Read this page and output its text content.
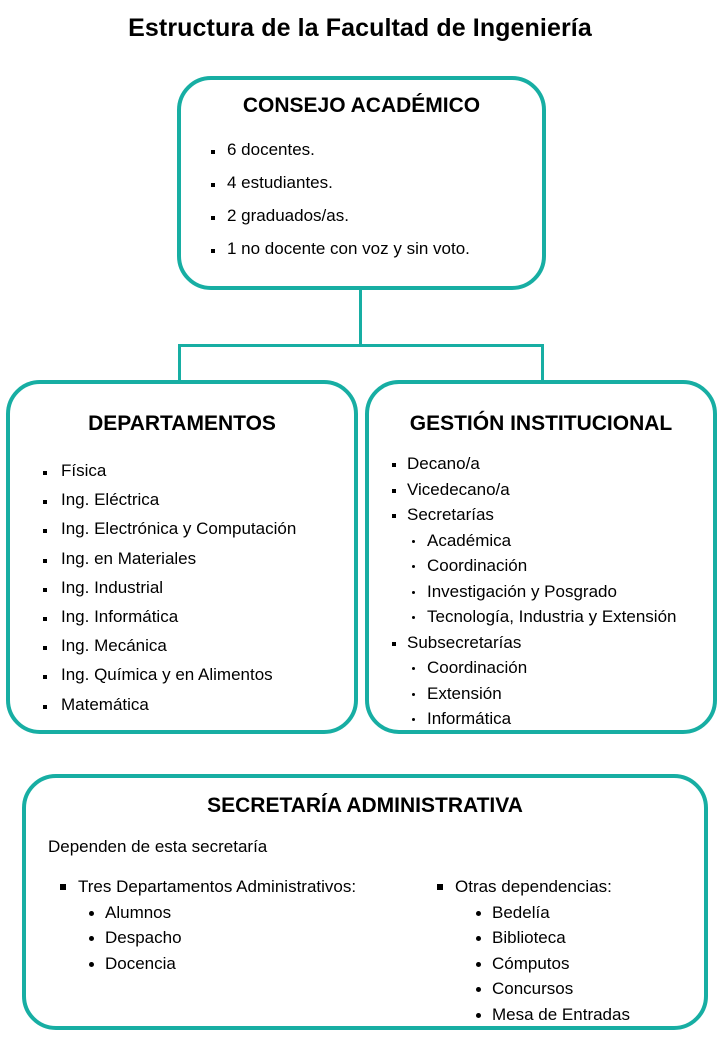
Estructura de la Facultad de Ingeniería
CONSEJO ACADÉMICO
6 docentes.
4 estudiantes.
2 graduados/as.
1 no docente con voz y sin voto.
DEPARTAMENTOS
Física
Ing. Eléctrica
Ing. Electrónica y Computación
Ing. en Materiales
Ing. Industrial
Ing. Informática
Ing. Mecánica
Ing. Química y en Alimentos
Matemática
GESTIÓN INSTITUCIONAL
Decano/a
Vicedecano/a
Secretarías
Académica
Coordinación
Investigación y Posgrado
Tecnología, Industria y Extensión
Subsecretarías
Coordinación
Extensión
Informática
SECRETARÍA ADMINISTRATIVA
Dependen de esta secretaría
Tres Departamentos Administrativos:
Alumnos
Despacho
Docencia
Otras dependencias:
Bedelía
Biblioteca
Cómputos
Concursos
Mesa de Entradas
